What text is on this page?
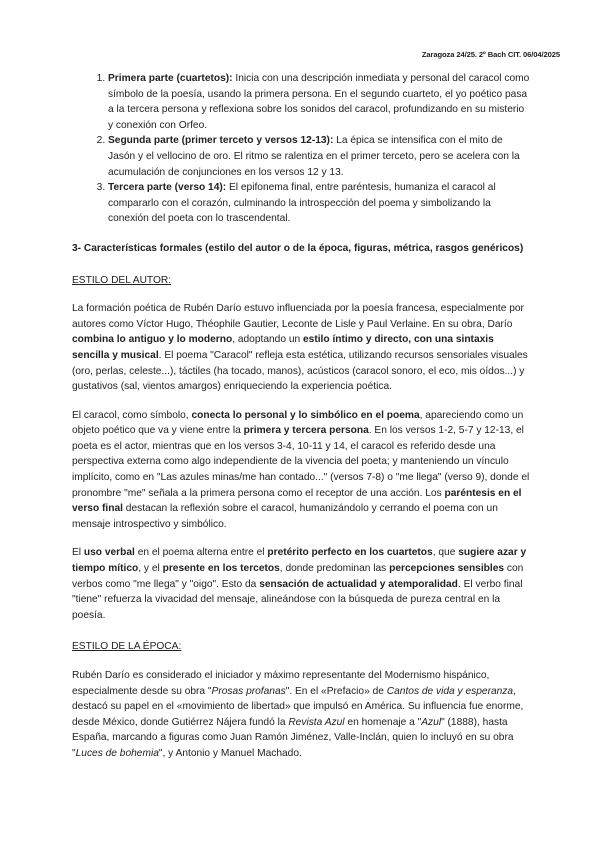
Zaragoza 24/25. 2º Bach CIT. 06/04/2025
1. Primera parte (cuartetos): Inicia con una descripción inmediata y personal del caracol como símbolo de la poesía, usando la primera persona. En el segundo cuarteto, el yo poético pasa a la tercera persona y reflexiona sobre los sonidos del caracol, profundizando en su misterio y conexión con Orfeo.
2. Segunda parte (primer terceto y versos 12-13): La épica se intensifica con el mito de Jasón y el vellocino de oro. El ritmo se ralentiza en el primer terceto, pero se acelera con la acumulación de conjunciones en los versos 12 y 13.
3. Tercera parte (verso 14): El epifonema final, entre paréntesis, humaniza el caracol al compararlo con el corazón, culminando la introspección del poema y simbolizando la conexión del poeta con lo trascendental.
3- Características formales (estilo del autor o de la época, figuras, métrica, rasgos genéricos)
ESTILO DEL AUTOR:

La formación poética de Rubén Darío estuvo influenciada por la poesía francesa, especialmente por autores como Víctor Hugo, Théophile Gautier, Leconte de Lisle y Paul Verlaine. En su obra, Darío combina lo antiguo y lo moderno, adoptando un estilo íntimo y directo, con una sintaxis sencilla y musical. El poema "Caracol" refleja esta estética, utilizando recursos sensoriales visuales (oro, perlas, celeste...), táctiles (ha tocado, manos), acústicos (caracol sonoro, el eco, mis oídos...) y gustativos (sal, vientos amargos) enriqueciendo la experiencia poética.

El caracol, como símbolo, conecta lo personal y lo simbólico en el poema, apareciendo como un objeto poético que va y viene entre la primera y tercera persona. En los versos 1-2, 5-7 y 12-13, el poeta es el actor, mientras que en los versos 3-4, 10-11 y 14, el caracol es referido desde una perspectiva externa como algo independiente de la vivencia del poeta; y manteniendo un vínculo implícito, como en "Las azules minas/me han contado..." (versos 7-8) o "me llega" (verso 9), donde el pronombre "me" señala a la primera persona como el receptor de una acción. Los paréntesis en el verso final destacan la reflexión sobre el caracol, humanizándolo y cerrando el poema con un mensaje introspectivo y simbólico.

El uso verbal en el poema alterna entre el pretérito perfecto en los cuartetos, que sugiere azar y tiempo mítico, y el presente en los tercetos, donde predominan las percepciones sensibles con verbos como "me llega" y "oigo". Esto da sensación de actualidad y atemporalidad. El verbo final "tiene" refuerza la vivacidad del mensaje, alineándose con la búsqueda de pureza central en la poesía.

ESTILO DE LA ÉPOCA:

Rubén Darío es considerado el iniciador y máximo representante del Modernismo hispánico, especialmente desde su obra "Prosas profanas". En el «Prefacio» de Cantos de vida y esperanza, destacó su papel en el «movimiento de libertad» que impulsó en América. Su influencia fue enorme, desde México, donde Gutiérrez Nájera fundó la Revista Azul en homenaje a "Azul" (1888), hasta España, marcando a figuras como Juan Ramón Jiménez, Valle-Inclán, quien lo incluyó en su obra "Luces de bohemia", y Antonio y Manuel Machado.
